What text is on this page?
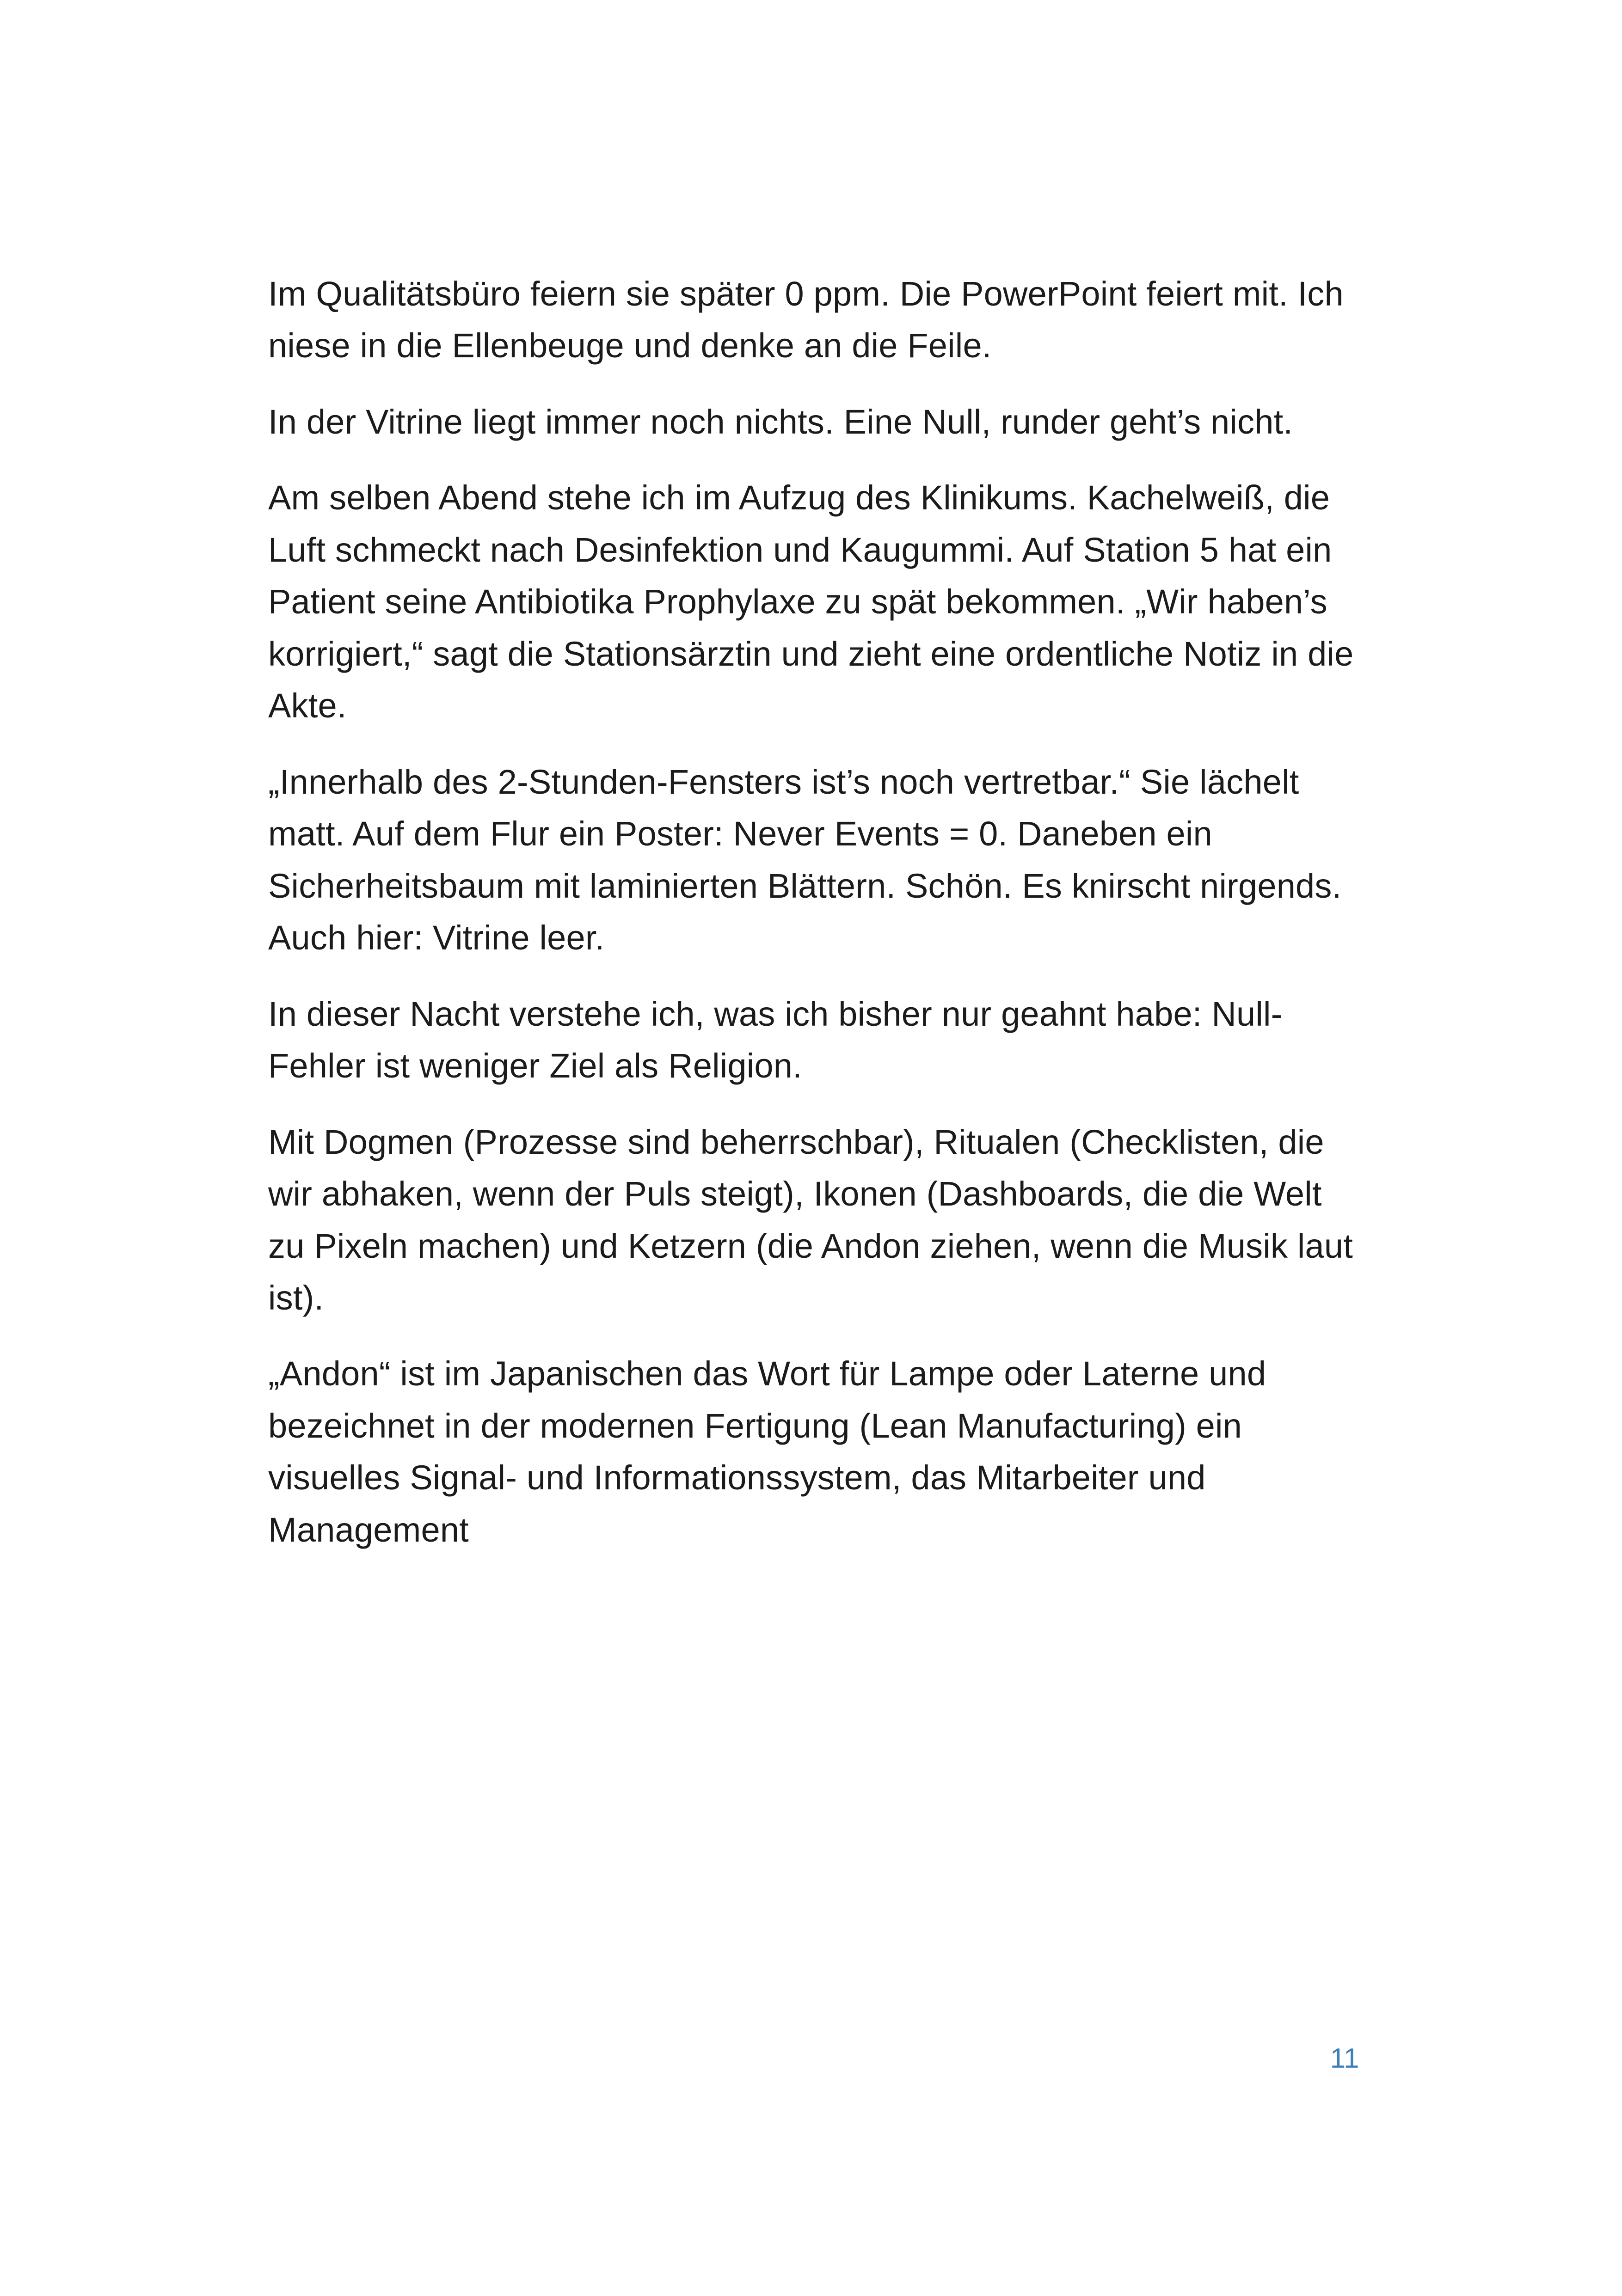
Im Qualitätsbüro feiern sie später 0 ppm. Die PowerPoint feiert mit. Ich niese in die Ellenbeuge und denke an die Feile.

In der Vitrine liegt immer noch nichts. Eine Null, runder geht’s nicht.

Am selben Abend stehe ich im Aufzug des Klinikums. Kachelweiß, die Luft schmeckt nach Desinfektion und Kaugummi. Auf Station 5 hat ein Patient seine Antibiotika Prophylaxe zu spät bekommen. „Wir haben’s korrigiert,“ sagt die Stationsärztin und zieht eine ordentliche Notiz in die Akte.

„Innerhalb des 2-Stunden-Fensters ist’s noch vertretbar.“ Sie lächelt matt. Auf dem Flur ein Poster: Never Events = 0. Daneben ein Sicherheitsbaum mit laminierten Blättern. Schön. Es knirscht nirgends. Auch hier: Vitrine leer.

In dieser Nacht verstehe ich, was ich bisher nur geahnt habe: Null-Fehler ist weniger Ziel als Religion.

Mit Dogmen (Prozesse sind beherrschbar), Ritualen (Checklisten, die wir abhaken, wenn der Puls steigt), Ikonen (Dashboards, die die Welt zu Pixeln machen) und Ketzern (die Andon ziehen, wenn die Musik laut ist).

„Andon“ ist im Japanischen das Wort für Lampe oder Laterne und bezeichnet in der modernen Fertigung (Lean Manufacturing) ein visuelles Signal- und Informationssystem, das Mitarbeiter und Management

11
